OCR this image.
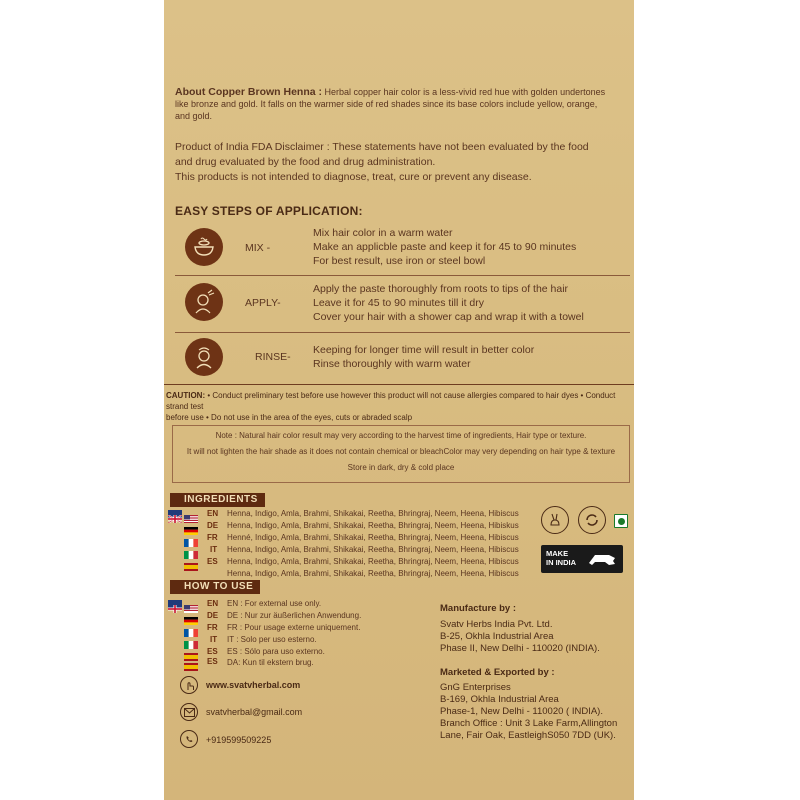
About Copper Brown Henna : Herbal copper hair color is a less-vivid red hue with golden undertones
like bronze and gold. It falls on the warmer side of red shades since its base colors include yellow, orange,
and gold.
Product of India FDA Disclaimer : These statements have not been evaluated by the food
and drug evaluated by the food and drug administration.
This products is not intended to diagnose, treat, cure or prevent any disease.
EASY STEPS OF APPLICATION:
MIX -
Mix hair color in a warm water
Make an applicble paste and keep it for 45 to 90 minutes
For best result, use iron or steel bowl
APPLY-
Apply the paste thoroughly from roots to tips of the hair
Leave it for 45 to 90 minutes till it dry
Cover your hair with a shower cap and wrap it with a towel
RINSE-
Keeping for longer time will result in better color
Rinse thoroughly with warm water
CAUTION: • Conduct preliminary test before use however this product will not cause allergies compared to hair dyes • Conduct strand test
before use • Do not use in the area of the eyes, cuts or abraded scalp
Note : Natural hair color result may very according to the harvest time of ingredients, Hair type or texture.
It will not lighten the hair shade as it does not contain chemical or bleachColor may very depending on hair type & texture
Store in dark, dry & cold place
INGREDIENTS
EN
DE
FR
IT
ES
Henna, Indigo, Amla, Brahmi, Shikakai, Reetha, Bhringraj, Neem, Heena, Hibiscus
Henna, Indigo, Amla, Brahmi, Shikakai, Reetha, Bhringraj, Neem, Heena, Hibiskus
Henné, Indigo, Amla, Brahmi, Shikakai, Reetha, Bhringraj, Neem, Heena, Hibiscus
Henna, Indigo, Amla, Brahmi, Shikakai, Reetha, Bhringraj, Neem, Heena, Hibiscus
Henna, Indigo, Amla, Brahmi, Shikakai, Reetha, Bhringraj, Neem, Heena, Hibiscus
Henna, Indigo, Amla, Brahmi, Shikakai, Reetha, Bhringraj, Neem, Heena, Hibiscus
MAKE
IN INDIA
HOW TO USE
EN
DE
FR
IT
ES
ES
EN : For external use only.
DE : Nur zur äußerlichen Anwendung.
FR : Pour usage externe uniquement.
IT : Solo per uso esterno.
ES : Sólo para uso externo.
DA: Kun til ekstern brug.
www.svatvherbal.com
svatvherbal@gmail.com
+919599509225
Manufacture by :
Svatv Herbs India Pvt. Ltd.
B-25, Okhla Industrial Area
Phase II, New Delhi - 110020 (INDIA).
Marketed & Exported by :
GnG Enterprises
B-169, Okhla Industrial Area
Phase-1, New Delhi - 110020 ( INDIA).
Branch Office : Unit 3 Lake Farm,Allington
Lane, Fair Oak, EastleighS050 7DD (UK).
